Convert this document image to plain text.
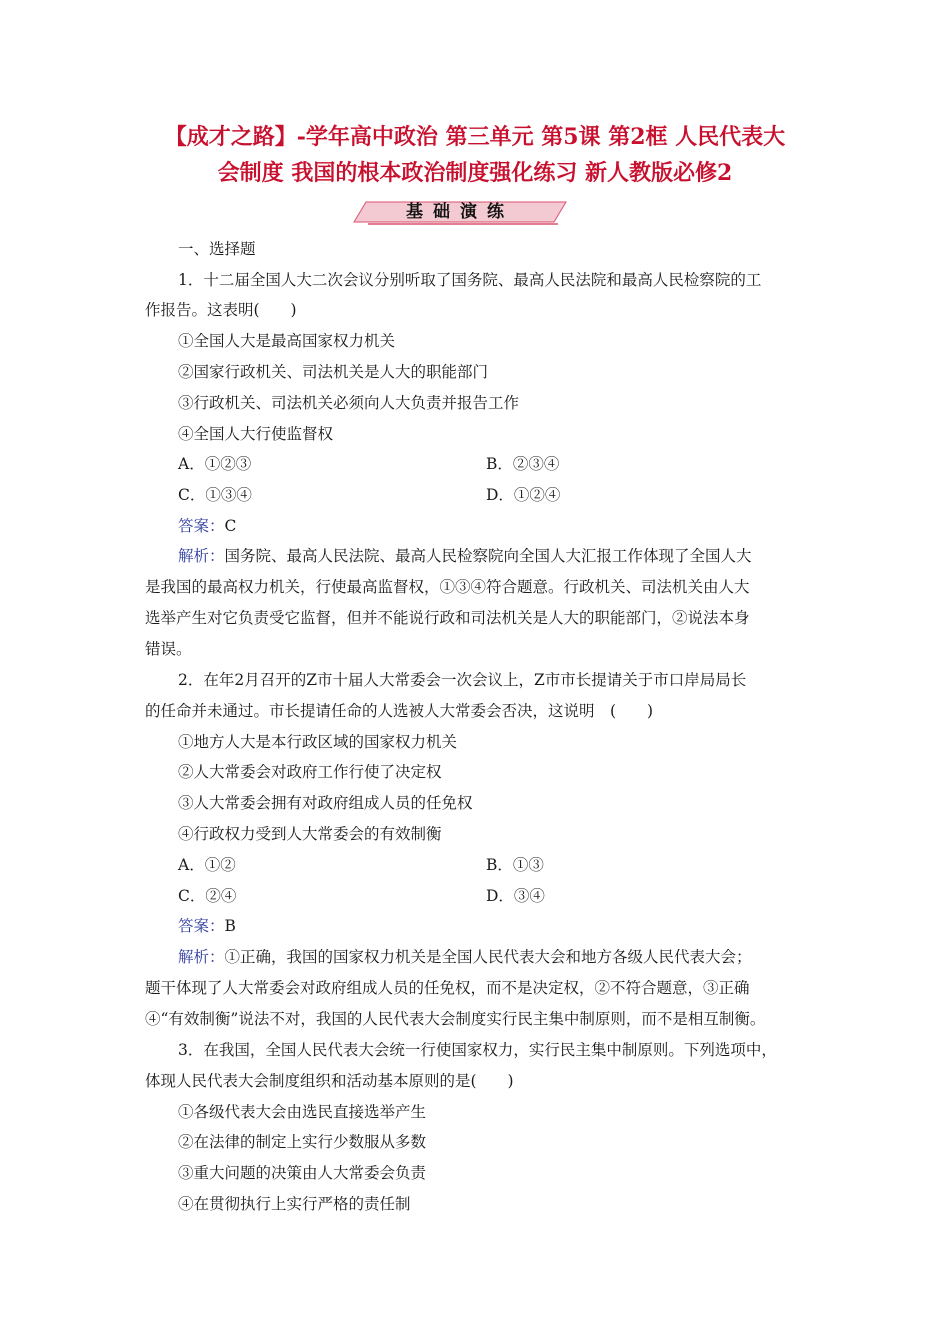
【成才之路】-学年高中政治 第三单元 第5课 第2框 人民代表大
会制度 我国的根本政治制度强化练习 新人教版必修2
基础演练
一、选择题
1．十二届全国人大二次会议分别听取了国务院、最高人民法院和最高人民检察院的工
作报告。这表明(　　)
①全国人大是最高国家权力机关
②国家行政机关、司法机关是人大的职能部门
③行政机关、司法机关必须向人大负责并报告工作
④全国人大行使监督权
A．①②③	B．②③④
C．①③④	D．①②④
答案：C
解析：国务院、最高人民法院、最高人民检察院向全国人大汇报工作体现了全国人大
是我国的最高权力机关，行使最高监督权，①③④符合题意。行政机关、司法机关由人大
选举产生对它负责受它监督，但并不能说行政和司法机关是人大的职能部门，②说法本身
错误。
2．在年2月召开的Z市十届人大常委会一次会议上，Z市市长提请关于市口岸局局长
的任命并未通过。市长提请任命的人选被人大常委会否决，这说明　(　　)
①地方人大是本行政区域的国家权力机关
②人大常委会对政府工作行使了决定权
③人大常委会拥有对政府组成人员的任免权
④行政权力受到人大常委会的有效制衡
A．①②	B．①③
C．②④	D．③④
答案：B
解析：①正确，我国的国家权力机关是全国人民代表大会和地方各级人民代表大会；
题干体现了人大常委会对政府组成人员的任免权，而不是决定权，②不符合题意，③正确
④“有效制衡”说法不对，我国的人民代表大会制度实行民主集中制原则，而不是相互制衡。
3．在我国，全国人民代表大会统一行使国家权力，实行民主集中制原则。下列选项中，
体现人民代表大会制度组织和活动基本原则的是(　　)
①各级代表大会由选民直接选举产生
②在法律的制定上实行少数服从多数
③重大问题的决策由人大常委会负责
④在贯彻执行上实行严格的责任制
